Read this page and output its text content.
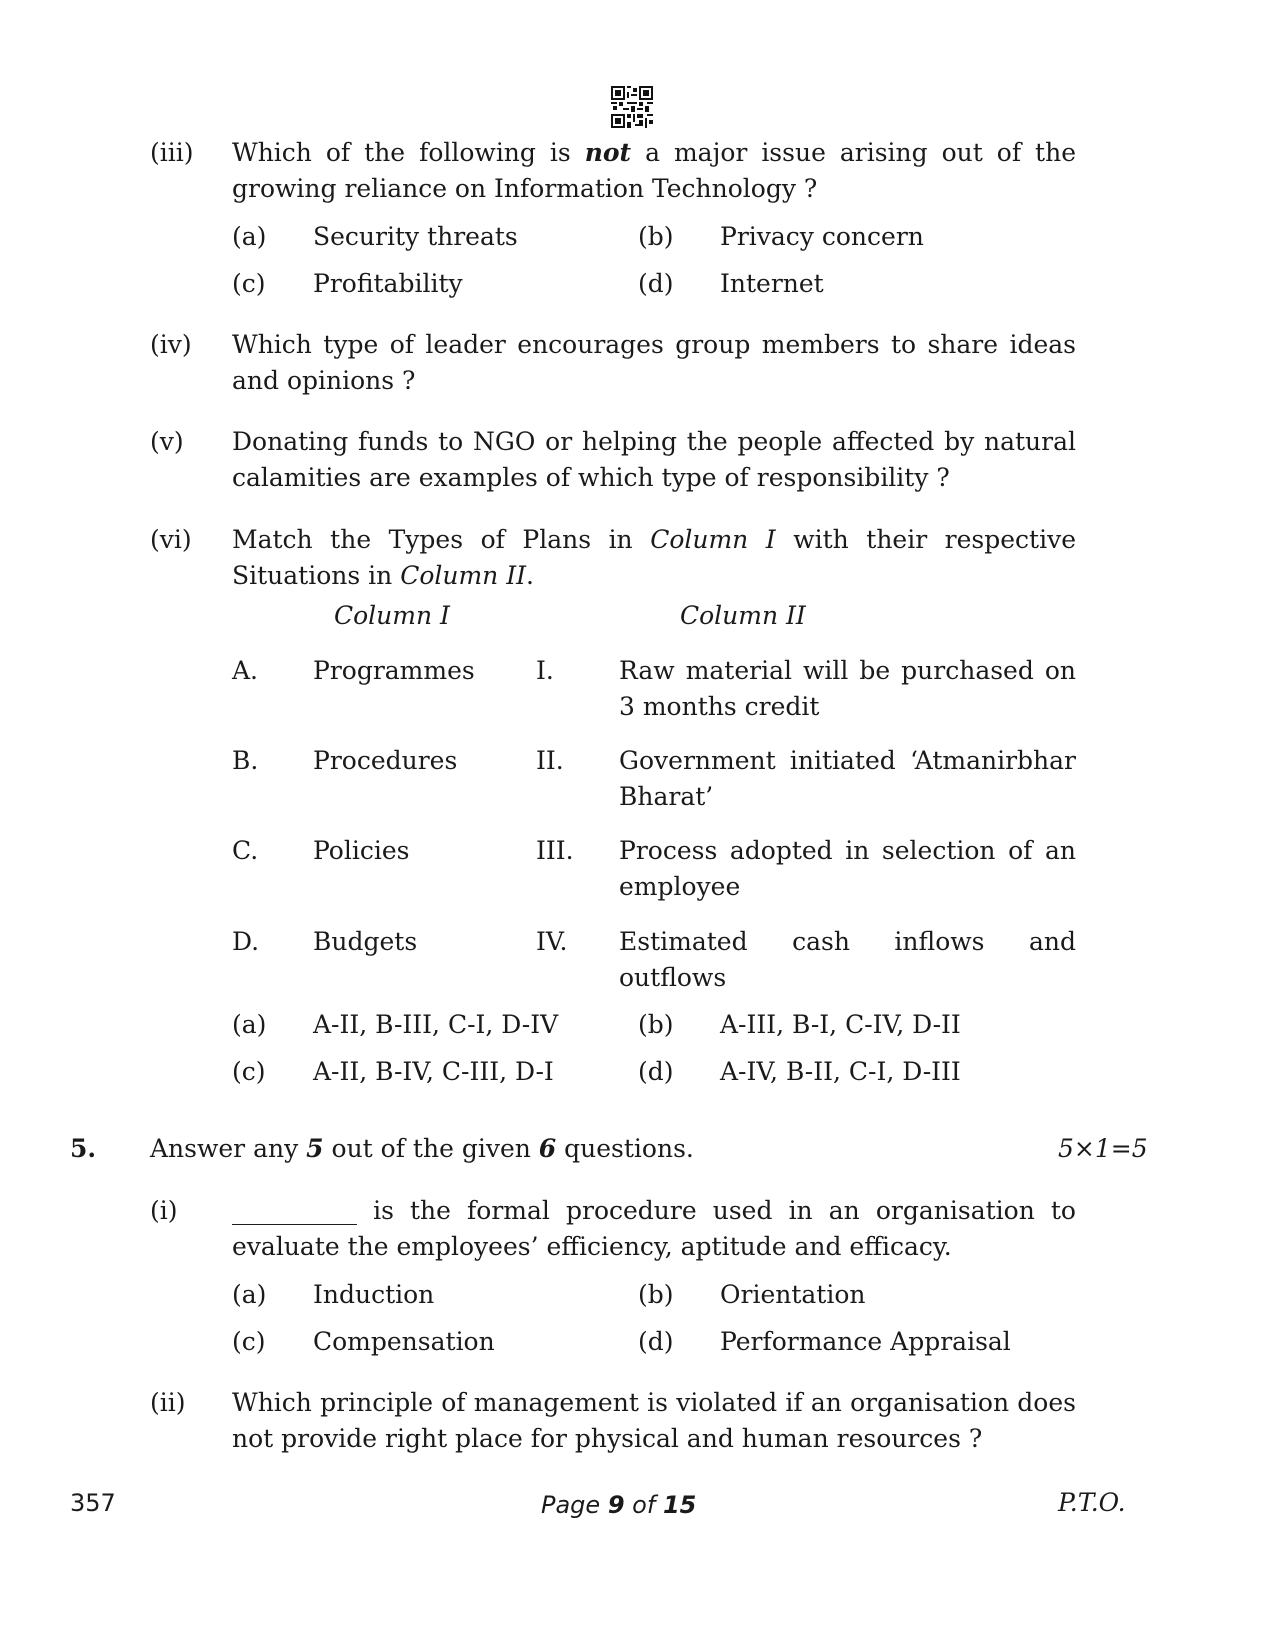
(iii) Which of the following is not a major issue arising out of the
growing reliance on Information Technology ?
(a) Security threats	(b) Privacy concern
(c) Profitability	(d) Internet
(iv) Which type of leader encourages group members to share ideas
and opinions ?
(v) Donating funds to NGO or helping the people affected by natural
calamities are examples of which type of responsibility ?
(vi) Match the Types of Plans in Column I with their respective
Situations in Column II.
Column I	Column II
A. Programmes I.	Raw material will be purchased on
3 months credit
B. Procedures	II. Government initiated ‘Atmanirbhar
Bharat’
C. Policies	III. Process adopted in selection of an
employee
D. Budgets	IV. Estimated cash inflows and
outflows
(a) A-II, B-III, C-I, D-IV	(b) A-III, B-I, C-IV, D-II
(c) A-II, B-IV, C-III, D-I	(d) A-IV, B-II, C-I, D-III
5. Answer any 5 out of the given 6 questions.	5×1=5
(i) __________ is the formal procedure used in an organisation to
evaluate the employees’ efficiency, aptitude and efficacy.
(a) Induction	(b) Orientation
(c) Compensation	(d) Performance Appraisal
(ii) Which principle of management is violated if an organisation does
not provide right place for physical and human resources ?
357	Page 9 of 15	P.T.O.
